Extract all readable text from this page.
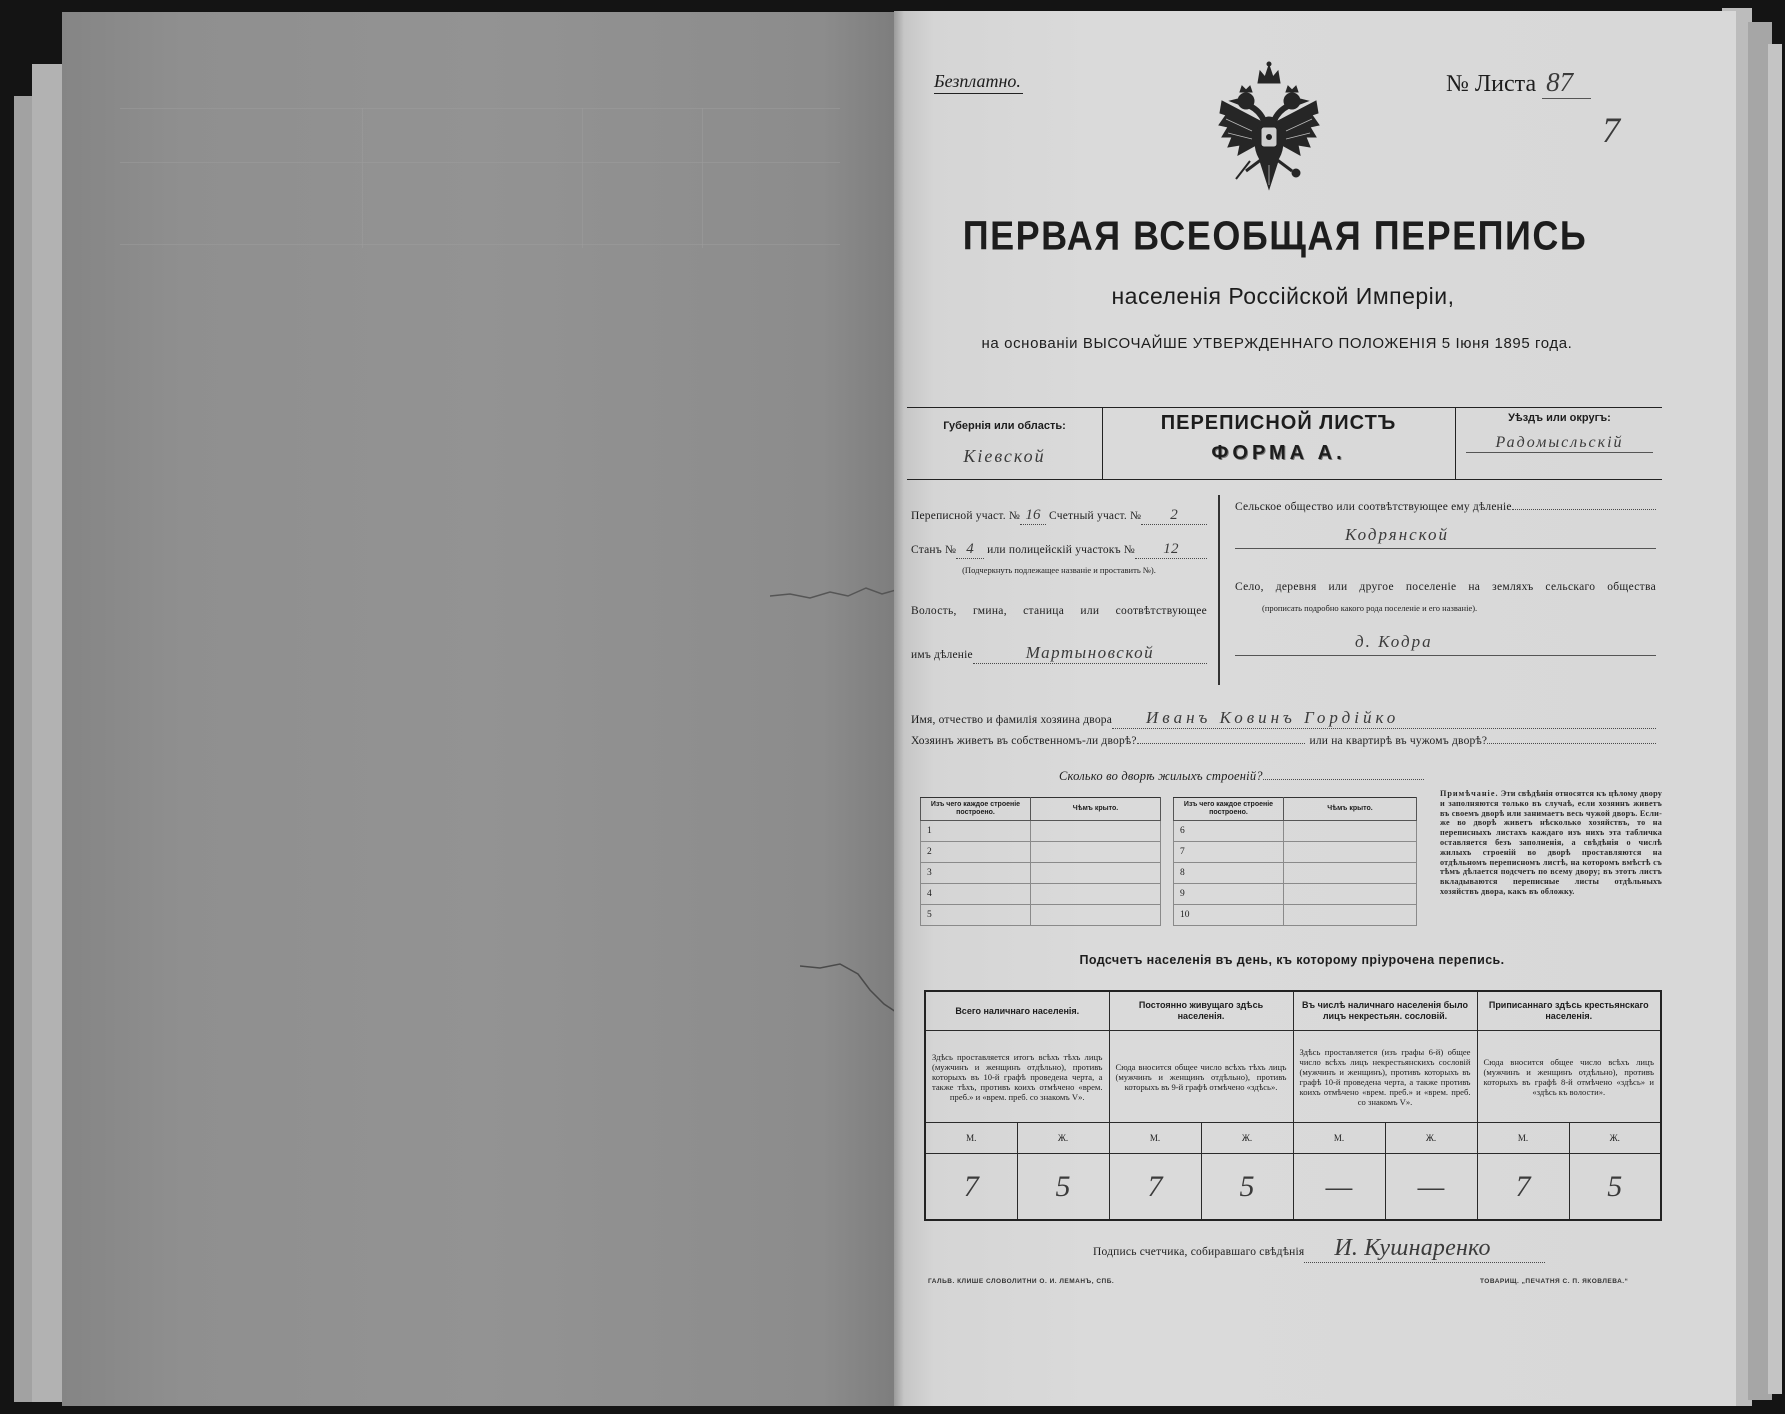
Безплатно.	№ Листа 87
7
ПЕРВАЯ ВСЕОБЩАЯ ПЕРЕПИСЬ
населенія Россійской Имперіи,
на основаніи ВЫСОЧАЙШЕ УТВЕРЖДЕННАГО ПОЛОЖЕНІЯ 5 Іюня 1895 года.
Губернія или область:
Кіевской
ПЕРЕПИСНОЙ ЛИСТЪ
ФОРМА А.
Уѣздъ или округъ:
Радомысльскій
Переписной участ. № 16 Счетный участ. №	2
Станъ № 4	или полицейскій участокъ №	12
(Подчеркнуть подлежащее названіе и проставить №).
Волость, гмина, станица или соотвѣтствующее
имъ дѣленіе	Мартыновской
Сельское общество или соотвѣтствующее ему дѣленіе
Кодрянской
Село, деревня или другое поселеніе на земляхъ сельскаго общества
(прописать подробно какого рода поселеніе и его названіе).
д. Кодра
Имя, отчество и фамилія хозяина двора	Иванъ Ковинъ Гордійко
Хозяинъ живетъ въ собственномъ-ли дворѣ?	или на квартирѣ въ чужомъ дворѣ?
Сколько во дворѣ жилыхъ строеній?
Изъ чего каждое строеніе построено.	Чѣмъ крыто.
1	
2	
3	
4	
5	
Изъ чего каждое строеніе построено.	Чѣмъ крыто.
6	
7	
8	
9	
10	
Примѣчаніе. Эти свѣдѣнія относятся къ цѣлому двору и заполняются только въ случаѣ, если хозяинъ живетъ въ своемъ дворѣ или занимаетъ весь чужой дворъ. Если-же во дворѣ живетъ нѣсколько хозяйствъ, то на переписныхъ листахъ каждаго изъ нихъ эта табличка оставляется безъ заполненія, а свѣдѣнія о числѣ жилыхъ строеній во дворѣ проставляются на отдѣльномъ переписномъ листѣ, на которомъ вмѣстѣ съ тѣмъ дѣлается подсчетъ по всему двору; въ этотъ листъ вкладываются переписные листы отдѣльныхъ хозяйствъ двора, какъ въ обложку.
Подсчетъ населенія въ день, къ которому пріурочена перепись.
Всего наличнаго населенія.		Постоянно живущаго здѣсь населенія.		Въ числѣ наличнаго населенія было лицъ некрестьян. сословій.		Приписаннаго здѣсь крестьянскаго населенія.	
Здѣсь проставляется итогъ всѣхъ тѣхъ лицъ (мужчинъ и женщинъ отдѣльно), противъ которыхъ въ 10-й графѣ проведена черта, а также тѣхъ, противъ коихъ отмѣчено «врем. преб.» и «врем. преб. со знакомъ V».		Сюда вносится общее число всѣхъ тѣхъ лицъ (мужчинъ и женщинъ отдѣльно), противъ которыхъ въ 9-й графѣ отмѣчено «здѣсь».		Здѣсь проставляется (изъ графы 6-й) общее число всѣхъ лицъ некрестьянскихъ сословій (мужчинъ и женщинъ), противъ которыхъ въ графѣ 10-й проведена черта, а также противъ коихъ отмѣчено «врем. преб.» и «врем. преб. со знакомъ V».		Сюда вносится общее число всѣхъ лицъ (мужчинъ и женщинъ отдѣльно), противъ которыхъ въ графѣ 8-й отмѣчено «здѣсь» и «здѣсь къ волости».	
М.	Ж.	М.	Ж.	М.	Ж.	М.	Ж.
7	5	7	5	—	—	7	5
Подпись счетчика, собиравшаго свѣдѣнія	И. Кушнаренко
ГАЛЬВ. КЛИШЕ СЛОВОЛИТНИ О. И. ЛЕМАНЪ, СПБ.	ТОВАРИЩ. „ПЕЧАТНЯ С. П. ЯКОВЛЕВА.“
